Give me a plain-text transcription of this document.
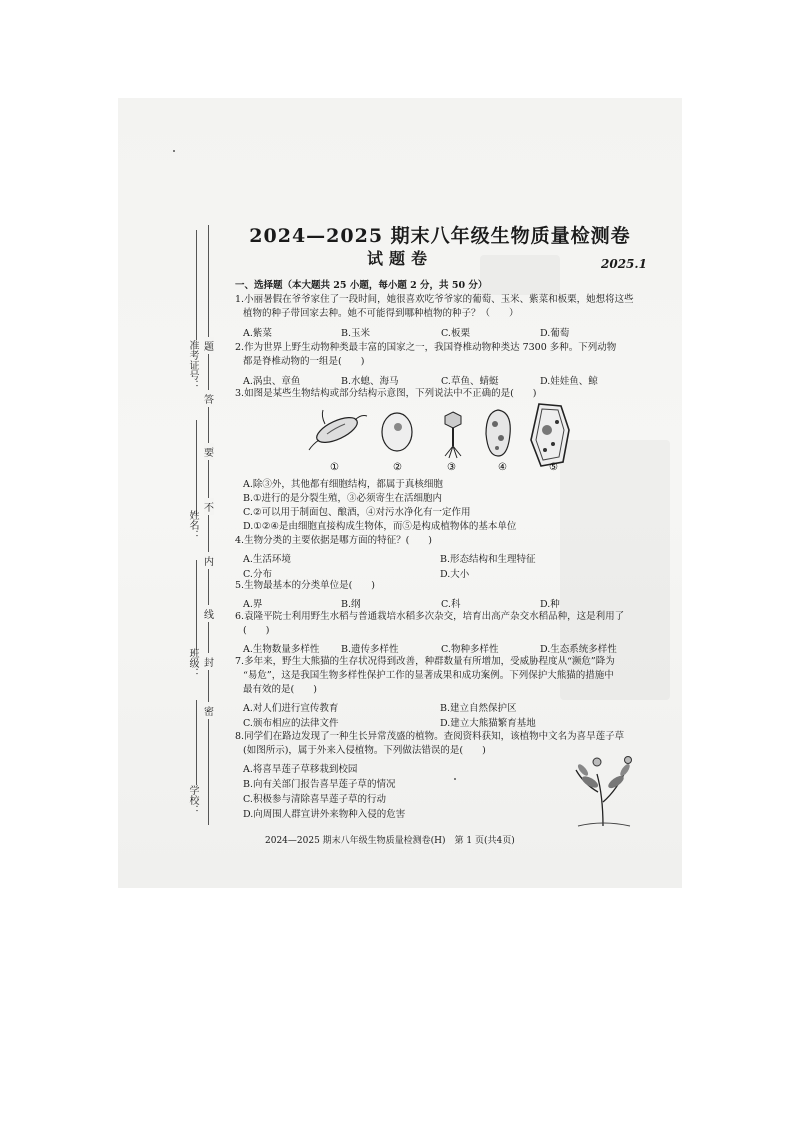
准考证号：
姓名：
班级：
学校：
题
答
要
不
内
线
封
密
2024—2025 期末八年级生物质量检测卷
试题卷	2025.1
一、选择题（本大题共 25 小题，每小题 2 分，共 50 分）
1.小丽暑假在爷爷家住了一段时间，她很喜欢吃爷爷家的葡萄、玉米、紫菜和板栗，她想将这些
植物的种子带回家去种。她不可能得到哪种植物的种子？（　　）
A.紫菜	B.玉米	C.板栗	D.葡萄
2.作为世界上野生动物种类最丰富的国家之一，我国脊椎动物种类达 7300 多种。下列动物
都是脊椎动物的一组是(　　)
A.涡虫、章鱼	B.水螅、海马	C.草鱼、蜻蜓	D.娃娃鱼、鲸
3.如图是某些生物结构或部分结构示意图，下列说法中不正确的是(　　)
①	②	③	④	⑤
A.除③外，其他都有细胞结构，都属于真核细胞
B.①进行的是分裂生殖，③必须寄生在活细胞内
C.②可以用于制面包、酿酒，④对污水净化有一定作用
D.①②④是由细胞直接构成生物体，而⑤是构成植物体的基本单位
4.生物分类的主要依据是哪方面的特征？(　　)
A.生活环境	B.形态结构和生理特征
C.分布	D.大小
5.生物最基本的分类单位是(　　)
A.界	B.纲	C.科	D.种
6.袁隆平院士利用野生水稻与普通栽培水稻多次杂交，培育出高产杂交水稻品种，这是利用了
(　　)
A.生物数量多样性 B.遗传多样性	C.物种多样性	D.生态系统多样性
7.多年来，野生大熊猫的生存状况得到改善，种群数量有所增加，受威胁程度从“濒危”降为
“易危”，这是我国生物多样性保护工作的显著成果和成功案例。下列保护大熊猫的措施中
最有效的是(　　)
A.对人们进行宣传教育	B.建立自然保护区
C.颁布相应的法律文件	D.建立大熊猫繁育基地
8.同学们在路边发现了一种生长异常茂盛的植物。查阅资料获知，该植物中文名为喜旱莲子草
(如图所示)，属于外来入侵植物。下列做法错误的是(　　)
A.将喜旱莲子草移栽到校园
B.向有关部门报告喜旱莲子草的情况
C.积极参与清除喜旱莲子草的行动
D.向周围人群宣讲外来物种入侵的危害
2024—2025 期末八年级生物质量检测卷(H)　第 1 页(共4页)
